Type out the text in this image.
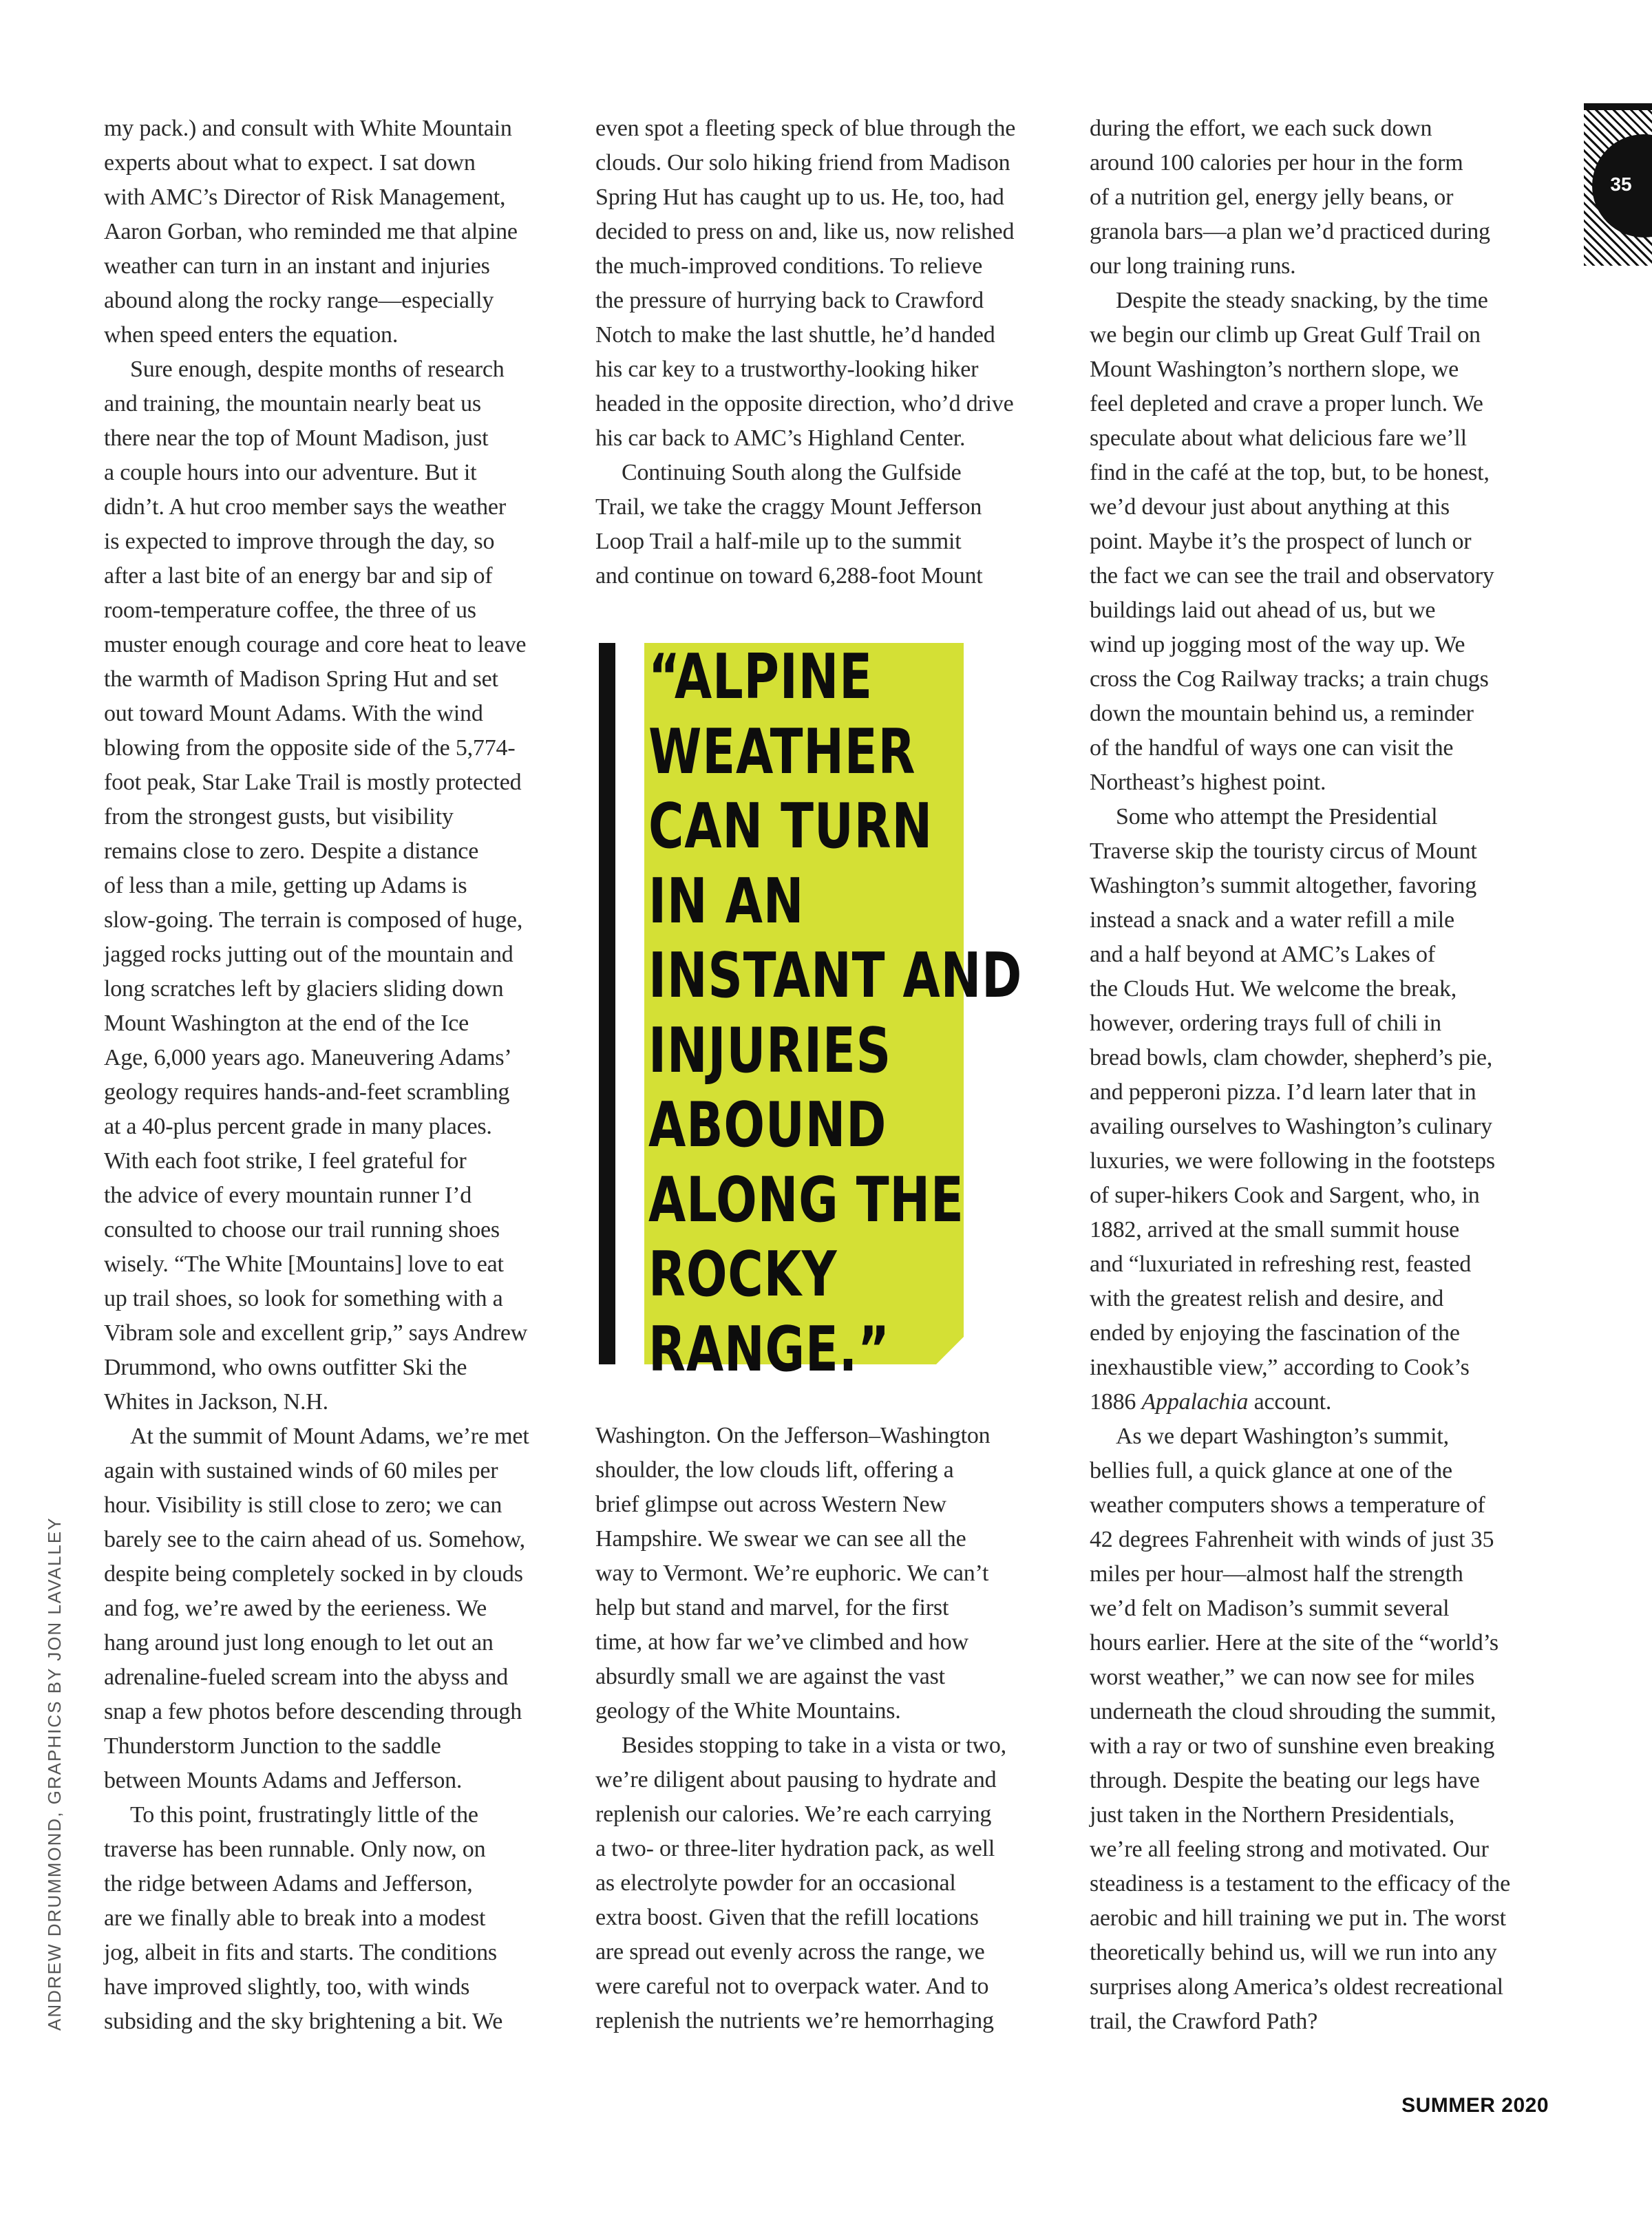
35
ANDREW DRUMMOND, GRAPHICS BY JON LAVALLEY

my pack.) and consult with White Mountain
experts about what to expect. I sat down
with AMC’s Director of Risk Management,
Aaron Gorban, who reminded me that alpine
weather can turn in an instant and injuries
abound along the rocky range—especially
when speed enters the equation.

Sure enough, despite months of research
and training, the mountain nearly beat us
there near the top of Mount Madison, just
a couple hours into our adventure. But it
didn’t. A hut croo member says the weather
is expected to improve through the day, so
after a last bite of an energy bar and sip of
room-temperature coffee, the three of us
muster enough courage and core heat to leave
the warmth of Madison Spring Hut and set
out toward Mount Adams. With the wind
blowing from the opposite side of the 5,774-
foot peak, Star Lake Trail is mostly protected
from the strongest gusts, but visibility
remains close to zero. Despite a distance
of less than a mile, getting up Adams is
slow-going. The terrain is composed of huge,
jagged rocks jutting out of the mountain and
long scratches left by glaciers sliding down
Mount Washington at the end of the Ice
Age, 6,000 years ago. Maneuvering Adams’
geology requires hands-and-feet scrambling
at a 40-plus percent grade in many places.
With each foot strike, I feel grateful for
the advice of every mountain runner I’d
consulted to choose our trail running shoes
wisely. “The White [Mountains] love to eat
up trail shoes, so look for something with a
Vibram sole and excellent grip,” says Andrew
Drummond, who owns outfitter Ski the
Whites in Jackson, N.H.

At the summit of Mount Adams, we’re met
again with sustained winds of 60 miles per
hour. Visibility is still close to zero; we can
barely see to the cairn ahead of us. Somehow,
despite being completely socked in by clouds
and fog, we’re awed by the eerieness. We
hang around just long enough to let out an
adrenaline-fueled scream into the abyss and
snap a few photos before descending through
Thunderstorm Junction to the saddle
between Mounts Adams and Jefferson.

To this point, frustratingly little of the
traverse has been runnable. Only now, on
the ridge between Adams and Jefferson,
are we finally able to break into a modest
jog, albeit in fits and starts. The conditions
have improved slightly, too, with winds
subsiding and the sky brightening a bit. We

even spot a fleeting speck of blue through the
clouds. Our solo hiking friend from Madison
Spring Hut has caught up to us. He, too, had
decided to press on and, like us, now relished
the much-improved conditions. To relieve
the pressure of hurrying back to Crawford
Notch to make the last shuttle, he’d handed
his car key to a trustworthy-looking hiker
headed in the opposite direction, who’d drive
his car back to AMC’s Highland Center.

Continuing South along the Gulfside
Trail, we take the craggy Mount Jefferson
Loop Trail a half-mile up to the summit
and continue on toward 6,288-foot Mount

Washington. On the Jefferson–Washington
shoulder, the low clouds lift, offering a
brief glimpse out across Western New
Hampshire. We swear we can see all the
way to Vermont. We’re euphoric. We can’t
help but stand and marvel, for the first
time, at how far we’ve climbed and how
absurdly small we are against the vast
geology of the White Mountains.

Besides stopping to take in a vista or two,
we’re diligent about pausing to hydrate and
replenish our calories. We’re each carrying
a two- or three-liter hydration pack, as well
as electrolyte powder for an occasional
extra boost. Given that the refill locations
are spread out evenly across the range, we
were careful not to overpack water. And to
replenish the nutrients we’re hemorrhaging

during the effort, we each suck down
around 100 calories per hour in the form
of a nutrition gel, energy jelly beans, or
granola bars—a plan we’d practiced during
our long training runs.

Despite the steady snacking, by the time
we begin our climb up Great Gulf Trail on
Mount Washington’s northern slope, we
feel depleted and crave a proper lunch. We
speculate about what delicious fare we’ll
find in the café at the top, but, to be honest,
we’d devour just about anything at this
point. Maybe it’s the prospect of lunch or
the fact we can see the trail and observatory
buildings laid out ahead of us, but we
wind up jogging most of the way up. We
cross the Cog Railway tracks; a train chugs
down the mountain behind us, a reminder
of the handful of ways one can visit the
Northeast’s highest point.

Some who attempt the Presidential
Traverse skip the touristy circus of Mount
Washington’s summit altogether, favoring
instead a snack and a water refill a mile
and a half beyond at AMC’s Lakes of
the Clouds Hut. We welcome the break,
however, ordering trays full of chili in
bread bowls, clam chowder, shepherd’s pie,
and pepperoni pizza. I’d learn later that in
availing ourselves to Washington’s culinary
luxuries, we were following in the footsteps
of super-hikers Cook and Sargent, who, in
1882, arrived at the small summit house
and “luxuriated in refreshing rest, feasted
with the greatest relish and desire, and
ended by enjoying the fascination of the
inexhaustible view,” according to Cook’s
1886 Appalachia account.

As we depart Washington’s summit,
bellies full, a quick glance at one of the
weather computers shows a temperature of
42 degrees Fahrenheit with winds of just 35
miles per hour—almost half the strength
we’d felt on Madison’s summit several
hours earlier. Here at the site of the “world’s
worst weather,” we can now see for miles
underneath the cloud shrouding the summit,
with a ray or two of sunshine even breaking
through. Despite the beating our legs have
just taken in the Northern Presidentials,
we’re all feeling strong and motivated. Our
steadiness is a testament to the efficacy of the
aerobic and hill training we put in. The worst
theoretically behind us, will we run into any
surprises along America’s oldest recreational
trail, the Crawford Path?

“ALPINE
WEATHER
CAN TURN
IN AN
INSTANT AND
INJURIES
ABOUND
ALONG THE
ROCKY
RANGE.”
SUMMER 2020
